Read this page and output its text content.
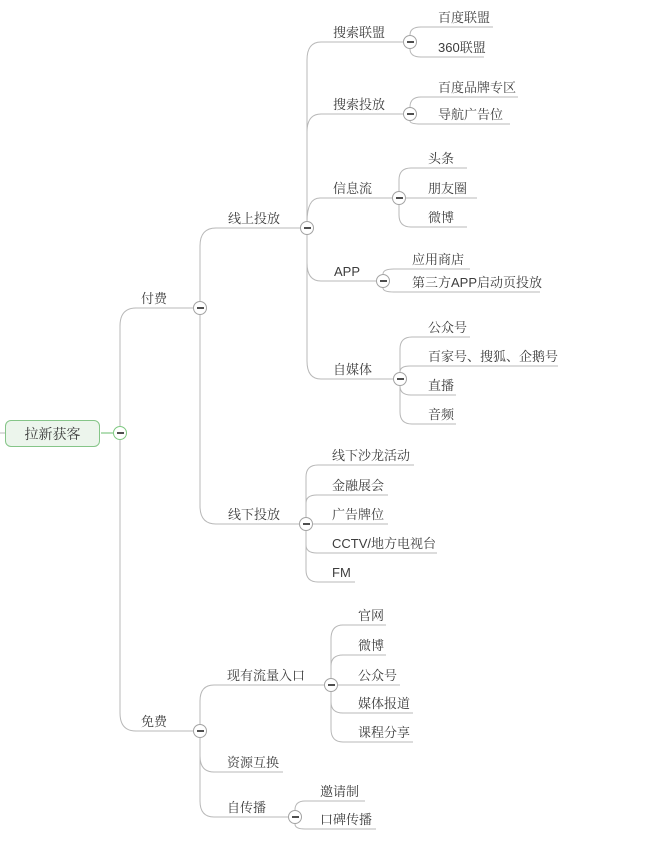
拉新获客
付费
免费
线上投放
线下投放
搜索联盟
搜索投放
信息流
APP
自媒体
百度联盟
360联盟
百度品牌专区
导航广告位
头条
朋友圈
微博
应用商店
第三方APP启动页投放
公众号
百家号、搜狐、企鹅号
直播
音频
线下沙龙活动
金融展会
广告牌位
CCTV/地方电视台
FM
现有流量入口
资源互换
自传播
官网
微博
公众号
媒体报道
课程分享
邀请制
口碑传播
